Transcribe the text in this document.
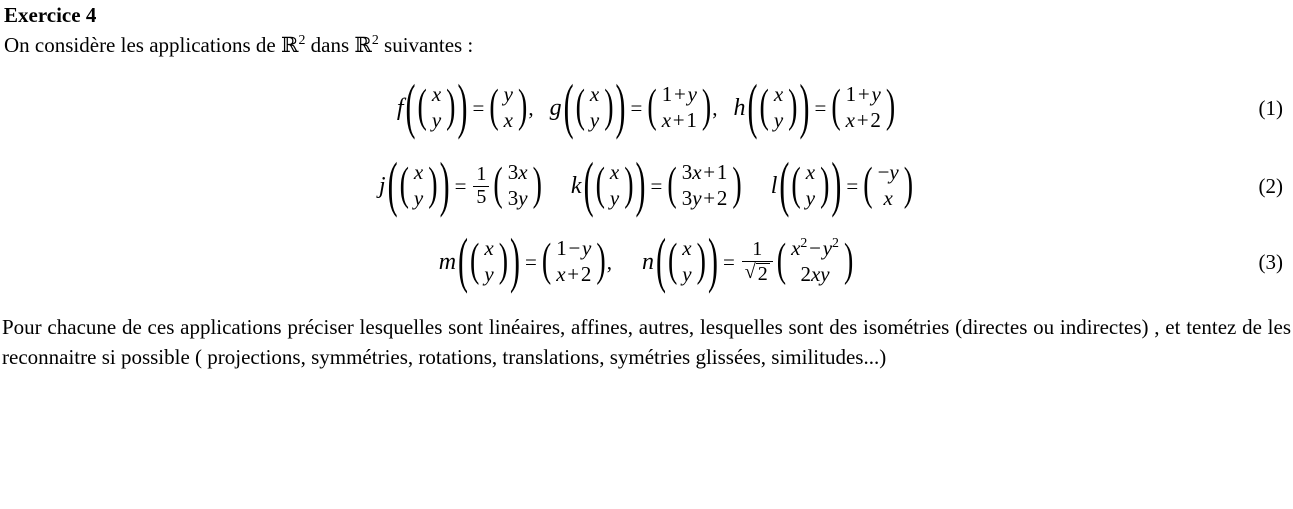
Exercice 4
On considère les applications de ℝ$^2$ dans ℝ$^2$ suivantes :
f ( ( x
y ) ) = ( y
x ) , g ( ( x
y ) ) = ( 1 + y
x + 1 ) , h ( ( x
y ) ) = ( 1 + y
x + 2 )	(1)
j ( ( x
y ) ) = $\frac{1}{5}$ ( 3x
3y ) k ( ( x
y ) ) = ( 3x + 1
3y + 2 ) l ( ( x
y ) ) = ( −y
x )	(2)
m ( ( x
y ) ) = ( 1 − y
x + 2 ) , n ( ( x
y ) ) = $\frac{1}{√ 2}$ ( $x^2$ − $y^2$
2xy )	(3)
Pour chacune de ces applications préciser lesquelles sont linéaires, affines, autres, lesquelles sont des isométries (directes ou indirectes) , et tentez de les reconnaitre si possible ( projections, symmétries, rotations, translations, symétries glissées, similitudes...)
